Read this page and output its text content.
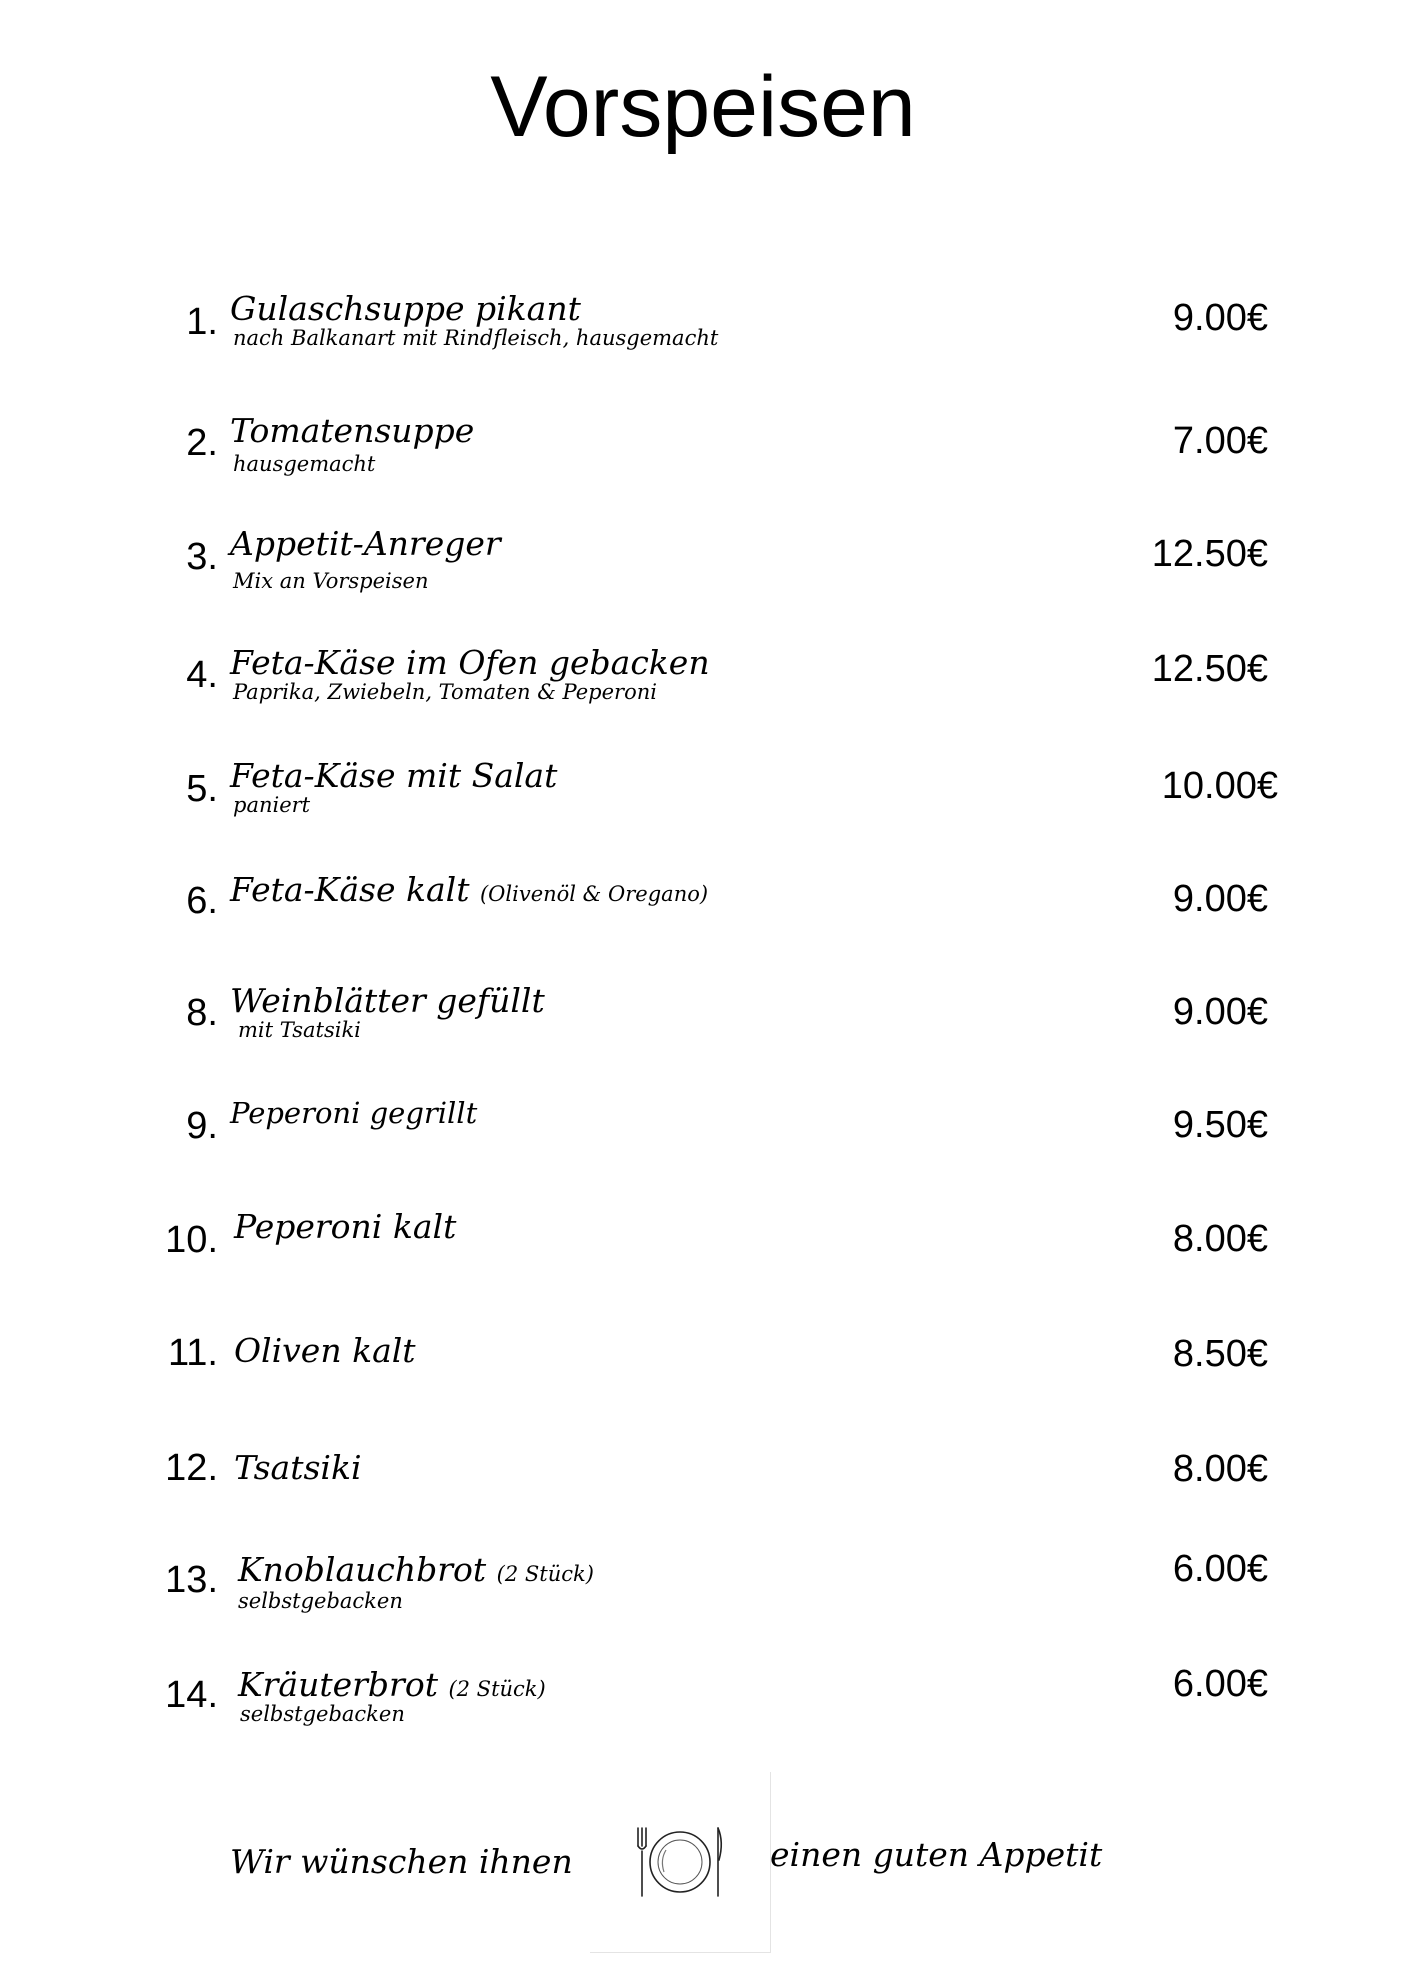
Vorspeisen
1. Gulaschsuppe pikant
nach Balkanart mit Rindfleisch, hausgemacht	9.00€
2. Tomatensuppe
hausgemacht
7.00€
3. Appetit-Anreger
Mix an Vorspeisen
12.50€
4. Feta-Käse im Ofen gebacken
Paprika, Zwiebeln, Tomaten & Peperoni
12.50€
5. Feta-Käse mit Salat
paniert	10.00€
6. Feta-Käse kalt (Olivenöl & Oregano)	9.00€
8. Weinblätter gefüllt
mit Tsatsiki	9.00€
9. Peperoni gegrillt	9.50€
10. Peperoni kalt	8.00€
11. Oliven kalt	8.50€
12. Tsatsiki	8.00€
13. Knoblauchbrot (2 Stück)
selbstgebacken
6.00€
14. Kräuterbrot (2 Stück)
selbstgebacken
6.00€
Wir wünschen ihnen	einen guten Appetit
